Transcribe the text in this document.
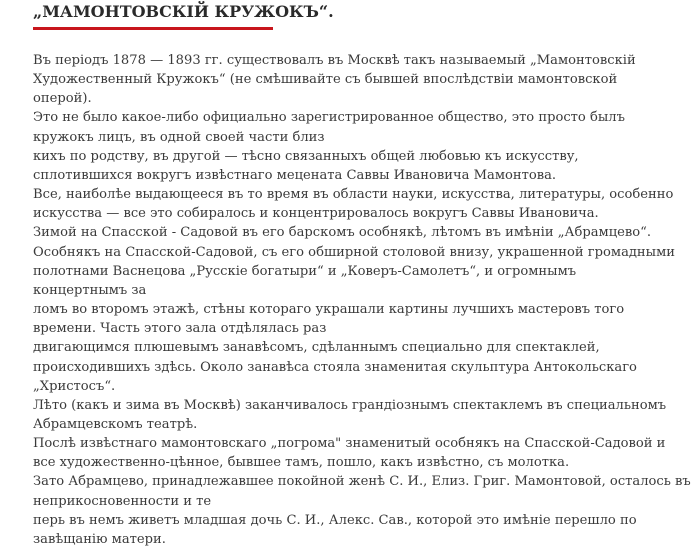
„МАМОНТОВСКIЙ КРУЖОКЪ“.
Въ перiодъ 1878 — 1893 гг. существовалъ въ Москвѣ такъ называемый „Мамонтовскiй
Художественный Кружокъ“ (не смѣшивайте съ бывшей впослѣдствiи мамонтовской
оперой).
Это не было какое-либо официально зарегистрированное общество, это просто былъ
кружокъ лицъ, въ одной своей части близ
кихъ по родству, въ другой — тѣсно связанныхъ общей любовью къ искусству,
сплотившихся вокругъ извѣстнаго мецената Саввы Ивановича Мамонтова.
Все, наиболѣе выдающееся въ то время въ области науки, искусства, литературы, особенно
искусства — все это собиралось и концентрировалось вокругъ Саввы Ивановича.
Зимой на Спасской - Садовой въ его барскомъ особнякѣ, лѣтомъ въ имѣнiи „Абрамцево“.
Особнякъ на Спасской-Садовой, съ его обширной столовой внизу, украшенной громадными
полотнами Васнецова „Русскiе богатыри“ и „Коверъ-Самолетъ“, и огромнымъ
концертнымъ за
ломъ во второмъ этажѣ, стѣны котораго украшали картины лучшихъ мастеровъ того
времени. Часть этого зала отдѣлялась раз
двигающимся плюшевымъ занавѣсомъ, сдѣланнымъ специально для спектаклей,
происходившихъ здѣсь. Около занавѣса стояла знаменитая скульптура Антокольскаго
„Христосъ“.
Лѣто (какъ и зима въ Москвѣ) заканчивалось грандiознымъ спектаклемъ въ специальномъ
Абрамцевскомъ театрѣ.
Послѣ извѣстнаго мамонтовскаго „погрома" знаменитый особнякъ на Спасской-Садовой и
все художественно-цѣнное, бывшее тамъ, пошло, какъ извѣстно, съ молотка.
Зато Абрамцево, принадлежавшее покойной женѣ С. И., Елиз. Григ. Мамонтовой, осталось въ
неприкосновенности и те
перь въ немъ живетъ младшая дочь С. И., Алекс. Сав., которой это имѣнiе перешло по
завѣщанiю матери.
